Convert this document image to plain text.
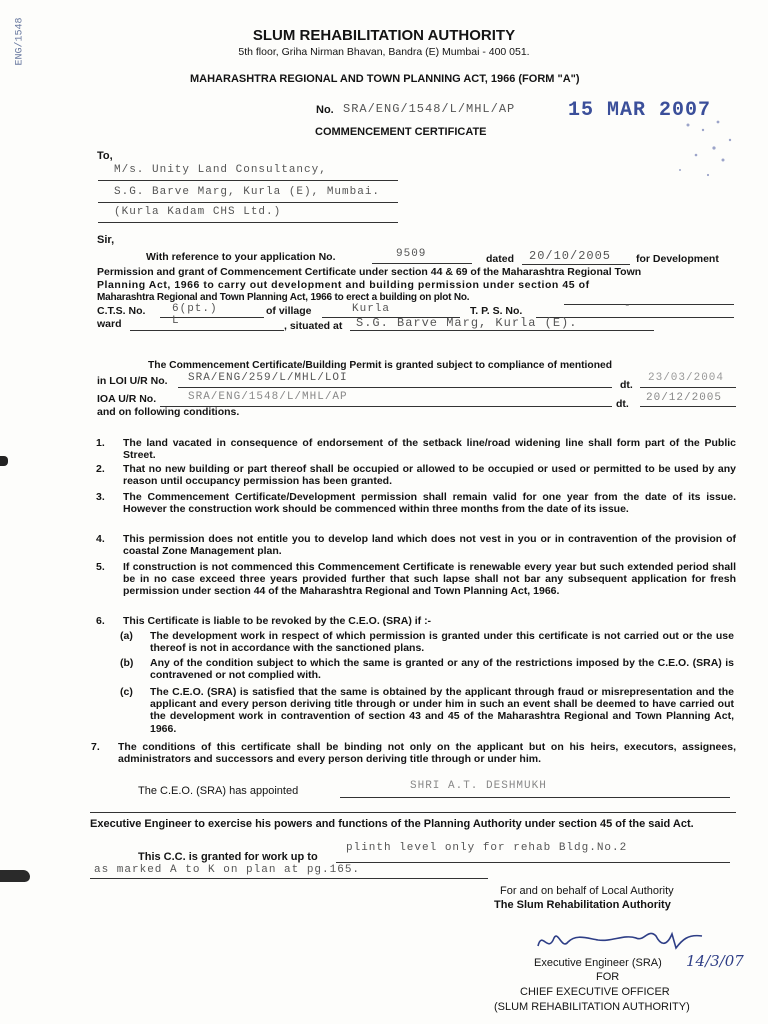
ENG/1548	SLUM REHABILITATION AUTHORITY
5th floor, Griha Nirman Bhavan, Bandra (E) Mumbai - 400 051.
MAHARASHTRA REGIONAL AND TOWN PLANNING ACT, 1966 (FORM "A")
No. SRA/ENG/1548/L/MHL/AP	15 MAR 2007
COMMENCEMENT CERTIFICATE
To,
M/s. Unity Land Consultancy,
S.G. Barve Marg, Kurla (E), Mumbai.
(Kurla Kadam CHS Ltd.)
Sir,
With reference to your application No.	9509	dated 20/10/2005 for Development
Permission and grant of Commencement Certificate under section 44 & 69 of the Maharashtra Regional Town
Planning Act, 1966 to carry out development and building permission under section 45 of
Maharashtra Regional and Town Planning Act, 1966 to erect a building on plot No.
C.T.S. No. 6(pt.)	of village	Kurla	T. P. S. No.	-
ward	L	, situated at S.G. Barve Marg, Kurla (E).
The Commencement Certificate/Building Permit is granted subject to compliance of mentioned
in LOI U/R No. SRA/ENG/259/L/MHL/LOI
dt.
23/03/2004
IOA U/R No.	SRA/ENG/1548/L/MHL/AP
dt. 20/12/2005
and on following conditions.
1.	The land vacated in consequence of endorsement of the setback line/road widening line shall form part of the Public Street.
2.	That no new building or part thereof shall be occupied or allowed to be occupied or used or permitted to be used by any reason until occupancy permission has been granted.
3.	The Commencement Certificate/Development permission shall remain valid for one year from the date of its issue. However the construction work should be commenced within three months from the date of its issue.
4.	This permission does not entitle you to develop land which does not vest in you or in contravention of the provision of coastal Zone Management plan.
5.	If construction is not commenced this Commencement Certificate is renewable every year but such extended period shall be in no case exceed three years provided further that such lapse shall not bar any subsequent application for fresh permission under section 44 of the Maharashtra Regional and Town Planning Act, 1966.
6.	This Certificate is liable to be revoked by the C.E.O. (SRA) if :-
(a)	The development work in respect of which permission is granted under this certificate is not carried out or the use thereof is not in accordance with the sanctioned plans.
(b)	Any of the condition subject to which the same is granted or any of the restrictions imposed by the C.E.O. (SRA) is contravened or not complied with.
(c)	The C.E.O. (SRA) is satisfied that the same is obtained by the applicant through fraud or misrepresentation and the applicant and every person deriving title through or under him in such an event shall be deemed to have carried out the development work in contravention of section 43 and 45 of the Maharashtra Regional and Town Planning Act, 1966.
7.	The conditions of this certificate shall be binding not only on the applicant but on his heirs, executors, assignees, administrators and successors and every person deriving title through or under him.
The C.E.O. (SRA) has appointed	SHRI A.T. DESHMUKH
Executive Engineer to exercise his powers and functions of the Planning Authority under section 45 of the said Act.
This C.C. is granted for work up to
plinth level only for rehab Bldg.No.2
as marked A to K on plan at pg.165.
For and on behalf of Local Authority
The Slum Rehabilitation Authority
Executive Engineer (SRA) 14/3/07
FOR
CHIEF EXECUTIVE OFFICER
(SLUM REHABILITATION AUTHORITY)
